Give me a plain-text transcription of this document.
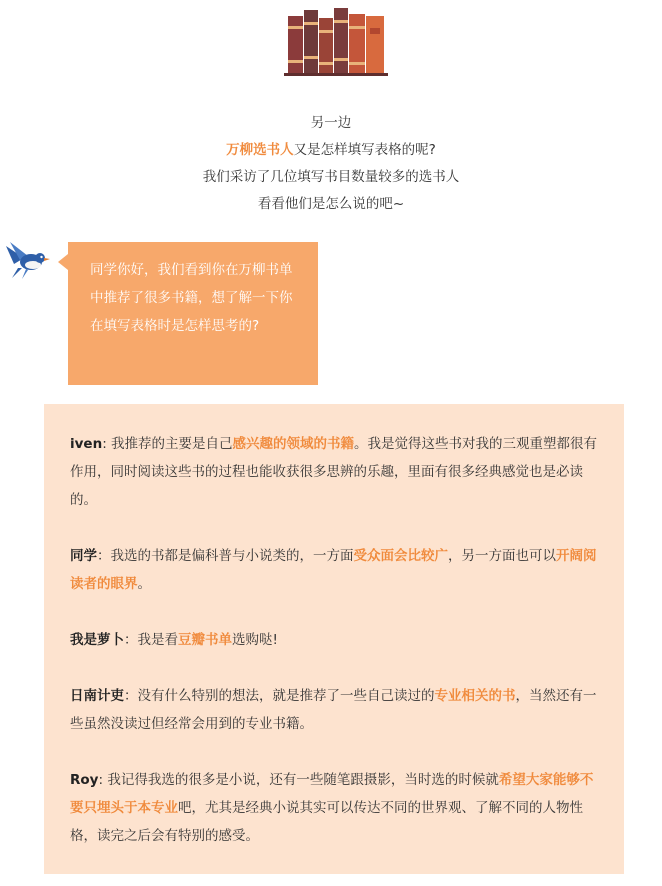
另一边

万柳选书人又是怎样填写表格的呢?

我们采访了几位填写书目数量较多的选书人

看看他们是怎么说的吧~

同学你好，我们看到你在万柳书单中推荐了很多书籍，想了解一下你在填写表格时是怎样思考的?

iven: 我推荐的主要是自己感兴趣的领域的书籍。我是觉得这些书对我的三观重塑都很有作用，同时阅读这些书的过程也能收获很多思辨的乐趣，里面有很多经典感觉也是必读的。

同学：我选的书都是偏科普与小说类的，一方面受众面会比较广，另一方面也可以开阔阅读者的眼界。

我是萝卜：我是看豆瓣书单选购哒!

日南计吏：没有什么特别的想法，就是推荐了一些自己读过的专业相关的书，当然还有一些虽然没读过但经常会用到的专业书籍。

Roy: 我记得我选的很多是小说，还有一些随笔跟摄影，当时选的时候就希望大家能够不要只埋头于本专业吧，尤其是经典小说其实可以传达不同的世界观、了解不同的人物性格，读完之后会有特别的感受。
